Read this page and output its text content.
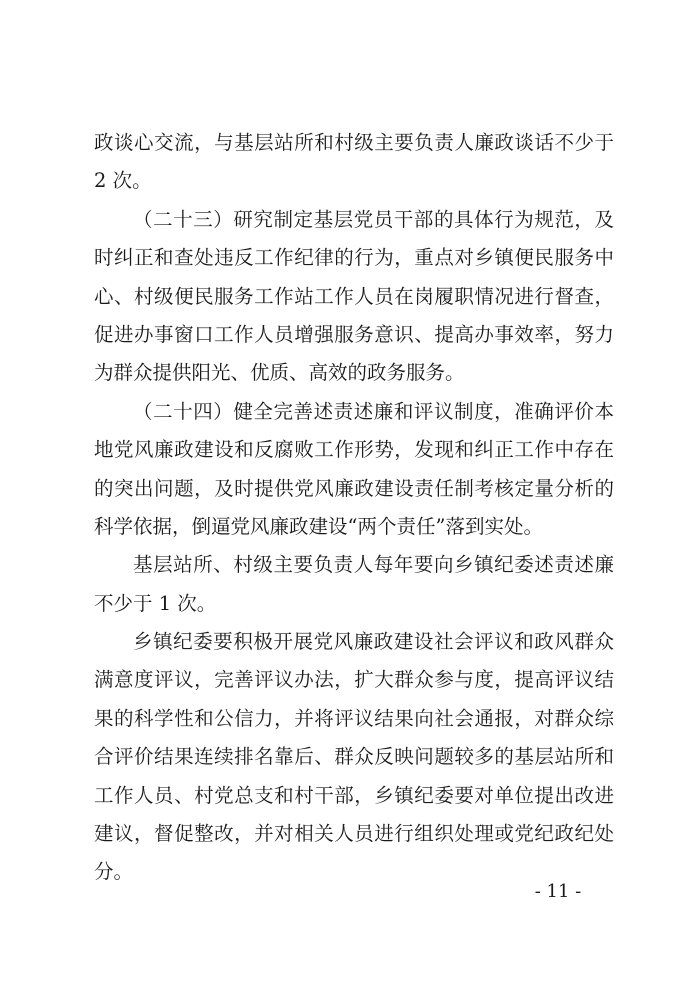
政谈心交流，与基层站所和村级主要负责人廉政谈话不少于
2 次。
（二十三）研究制定基层党员干部的具体行为规范，及
时纠正和查处违反工作纪律的行为，重点对乡镇便民服务中
心、村级便民服务工作站工作人员在岗履职情况进行督查，
促进办事窗口工作人员增强服务意识、提高办事效率，努力
为群众提供阳光、优质、高效的政务服务。
（二十四）健全完善述责述廉和评议制度，准确评价本
地党风廉政建设和反腐败工作形势，发现和纠正工作中存在
的突出问题，及时提供党风廉政建设责任制考核定量分析的
科学依据，倒逼党风廉政建设“两个责任”落到实处。
基层站所、村级主要负责人每年要向乡镇纪委述责述廉
不少于 1 次。
乡镇纪委要积极开展党风廉政建设社会评议和政风群众
满意度评议，完善评议办法，扩大群众参与度，提高评议结
果的科学性和公信力，并将评议结果向社会通报，对群众综
合评价结果连续排名靠后、群众反映问题较多的基层站所和
工作人员、村党总支和村干部，乡镇纪委要对单位提出改进
建议，督促整改，并对相关人员进行组织处理或党纪政纪处
分。
- 11 -
